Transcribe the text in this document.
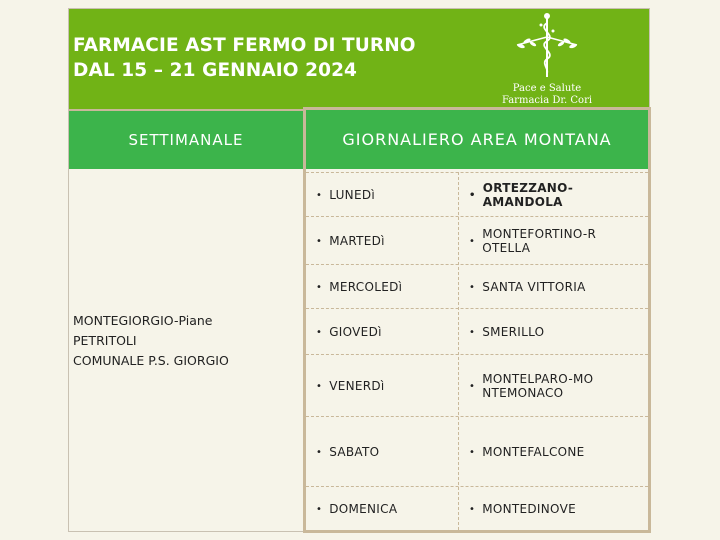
FARMACIE AST FERMO DI TURNO
DAL 15 – 21 GENNAIO 2024
Pace e Salute
Farmacia Dr. Cori
SETTIMANALE	GIORNALIERO AREA MONTANA
MONTEGIORGIO-Piane
PETRITOLI
COMUNALE P.S. GIORGIO
• LUNEDì	• ORTEZZANO-AMANDOLA
• MARTEDì	• MONTEFORTINO-ROTELLA
• MERCOLEDì	• SANTA VITTORIA
• GIOVEDì	• SMERILLO
• VENERDì	• MONTELPARO-MONTEMONACO
• SABATO	• MONTEFALCONE
• DOMENICA	• MONTEDINOVE
